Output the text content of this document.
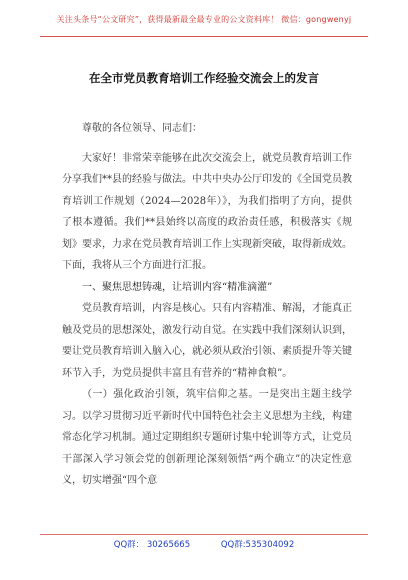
关注头条号“公文研究”，获得最新最全最专业的公文资料库！ 微信：gongwenyj
在全市党员教育培训工作经验交流会上的发言

尊敬的各位领导、同志们：

大家好！非常荣幸能够在此次交流会上，就党员教育培训工作分享我们**县的经验与做法。中共中央办公厅印发的《全国党员教育培训工作规划（2024—2028年）》，为我们指明了方向，提供了根本遵循。我们**县始终以高度的政治责任感，积极落实《规划》要求，力求在党员教育培训工作上实现新突破，取得新成效。下面，我将从三个方面进行汇报。

一、聚焦思想铸魂，让培训内容“精准滴灌”

党员教育培训，内容是核心。只有内容精准、解渴，才能真正触及党员的思想深处，激发行动自觉。在实践中我们深刻认识到，要让党员教育培训入脑入心，就必须从政治引领、素质提升等关键环节入手，为党员提供丰富且有营养的“精神食粮”。

（一）强化政治引领，筑牢信仰之基。一是突出主题主线学习。以学习贯彻习近平新时代中国特色社会主义思想为主线，构建常态化学习机制。通过定期组织专题研讨集中轮训等方式，让党员干部深入学习领会党的创新理论深刻领悟“两个确立”的决定性意义，切实增强“四个意

QQ群： 30265665	QQ群:535304092
